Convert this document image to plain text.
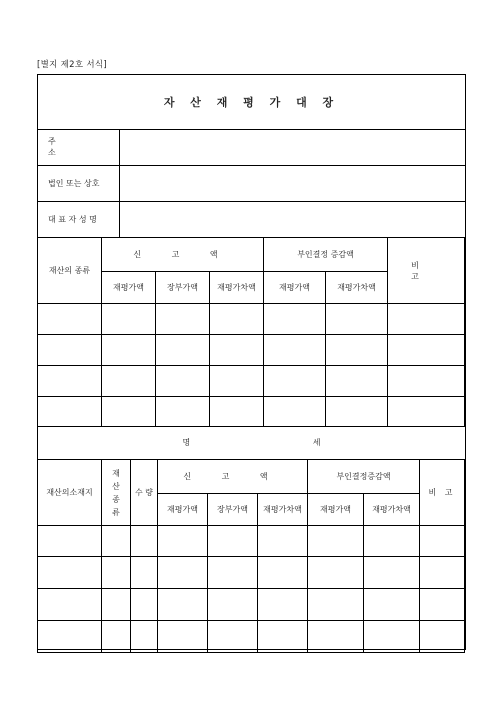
[별지 제2호 서식]
자 산 재 평 가 대 장
주 소
법인 또는 상호
대 표 자 성 명
재산의 종류	신 고 액			부인결정 증감액		비 고
	재평가액	장부가액	재평가차액	재평가액	재평가차액	

명 세
재산의소재지	재 산 종 류	수 량	신 고 액			부인결정증감액		비 고
			재평가액	장부가액	재평가차액	재평가액	재평가차액	
